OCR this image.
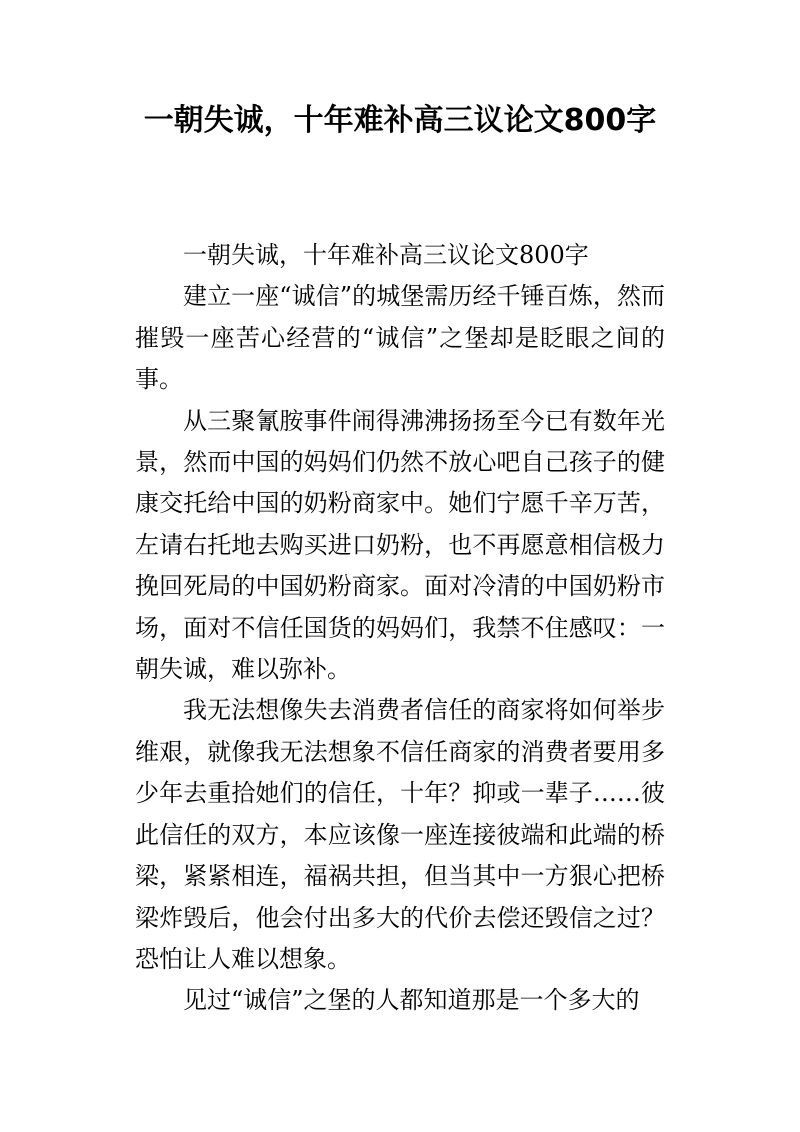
一朝失诚，十年难补高三议论文800字

一朝失诚，十年难补高三议论文800字

建立一座“诚信”的城堡需历经千锤百炼，然而摧毁一座苦心经营的“诚信”之堡却是眨眼之间的事。

从三聚氰胺事件闹得沸沸扬扬至今已有数年光景，然而中国的妈妈们仍然不放心吧自己孩子的健康交托给中国的奶粉商家中。她们宁愿千辛万苦，左请右托地去购买进口奶粉，也不再愿意相信极力挽回死局的中国奶粉商家。面对冷清的中国奶粉市场，面对不信任国货的妈妈们，我禁不住感叹：一朝失诚，难以弥补。

我无法想像失去消费者信任的商家将如何举步维艰，就像我无法想象不信任商家的消费者要用多少年去重拾她们的信任，十年？抑或一辈子……彼此信任的双方，本应该像一座连接彼端和此端的桥梁，紧紧相连，福祸共担，但当其中一方狠心把桥梁炸毁后，他会付出多大的代价去偿还毁信之过？恐怕让人难以想象。

见过“诚信”之堡的人都知道那是一个多大的
